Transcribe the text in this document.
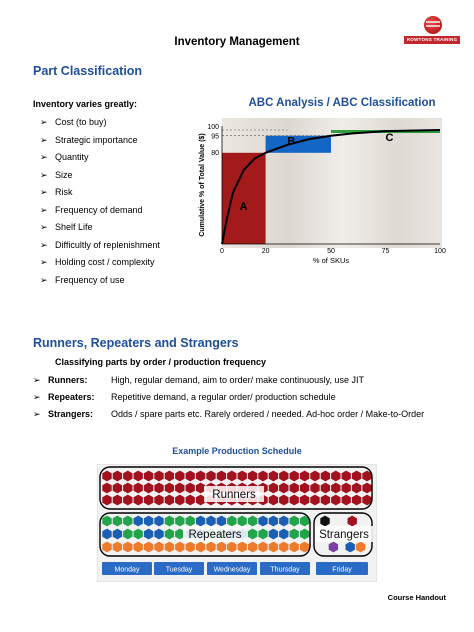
Inventory Management	ROWTONS TRAINING
Part Classification
Inventory varies greatly:
➢ Cost (to buy)
➢ Strategic importance
➢ Quantity
➢ Size
➢ Risk
➢ Frequency of demand
➢ Shelf Life
➢ Difficultly of replenishment
➢ Holding cost / complexity
➢ Frequency of use
ABC Analysis / ABC Classification
A
B	C
0	20	50	75	100
80
95
100
% of SKUs
Cumulative % of Total Value ($)
Runners, Repeaters and Strangers
Classifying parts by order / production frequency
➢ Runners:	High, regular demand, aim to order/ make continuously, use JIT
➢ Repeaters: Repetitive demand, a regular order/ production schedule
➢ Strangers: Odds / spare parts etc. Rarely ordered / needed. Ad-hoc order / Make-to-Order
Example Production Schedule
Runners
Repeaters	Strangers
Monday	Tuesday	Wednesday	Thursday	Friday
Course Handout
